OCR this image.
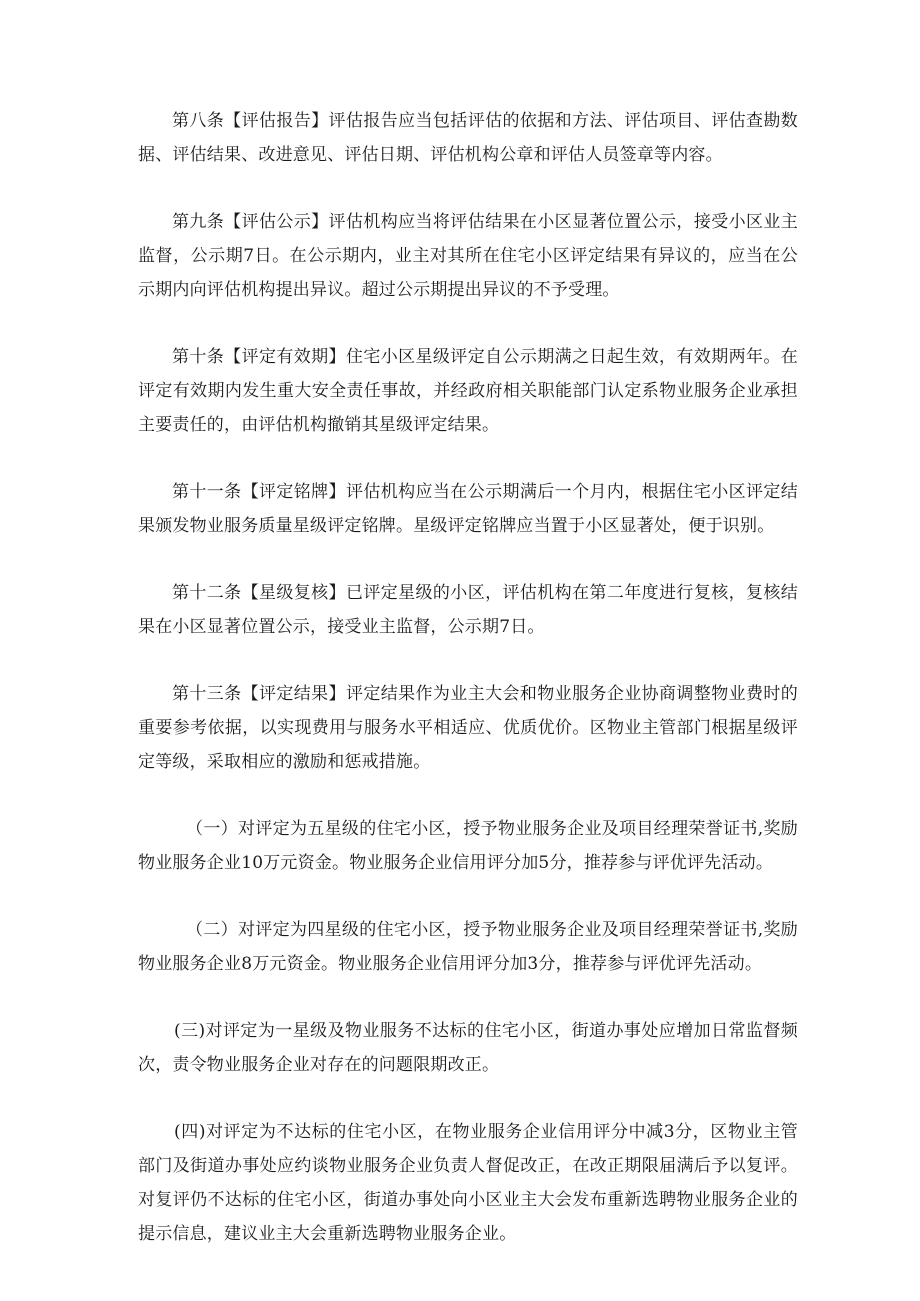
第八条【评估报告】评估报告应当包括评估的依据和方法、评估项目、评估查勘数据、评估结果、改进意见、评估日期、评估机构公章和评估人员签章等内容。

第九条【评估公示】评估机构应当将评估结果在小区显著位置公示，接受小区业主监督，公示期7日。在公示期内，业主对其所在住宅小区评定结果有异议的，应当在公示期内向评估机构提出异议。超过公示期提出异议的不予受理。

第十条【评定有效期】住宅小区星级评定自公示期满之日起生效，有效期两年。在评定有效期内发生重大安全责任事故，并经政府相关职能部门认定系物业服务企业承担主要责任的，由评估机构撤销其星级评定结果。

第十一条【评定铭牌】评估机构应当在公示期满后一个月内，根据住宅小区评定结果颁发物业服务质量星级评定铭牌。星级评定铭牌应当置于小区显著处，便于识别。

第十二条【星级复核】已评定星级的小区，评估机构在第二年度进行复核，复核结果在小区显著位置公示，接受业主监督，公示期7日。

第十三条【评定结果】评定结果作为业主大会和物业服务企业协商调整物业费时的重要参考依据，以实现费用与服务水平相适应、优质优价。区物业主管部门根据星级评定等级，采取相应的激励和惩戒措施。

（一）对评定为五星级的住宅小区，授予物业服务企业及项目经理荣誉证书,奖励物业服务企业10万元资金。物业服务企业信用评分加5分，推荐参与评优评先活动。

（二）对评定为四星级的住宅小区，授予物业服务企业及项目经理荣誉证书,奖励物业服务企业8万元资金。物业服务企业信用评分加3分，推荐参与评优评先活动。

(三)对评定为一星级及物业服务不达标的住宅小区，街道办事处应增加日常监督频次，责令物业服务企业对存在的问题限期改正。

(四)对评定为不达标的住宅小区，在物业服务企业信用评分中减3分，区物业主管部门及街道办事处应约谈物业服务企业负责人督促改正，在改正期限届满后予以复评。对复评仍不达标的住宅小区，街道办事处向小区业主大会发布重新选聘物业服务企业的提示信息，建议业主大会重新选聘物业服务企业。
